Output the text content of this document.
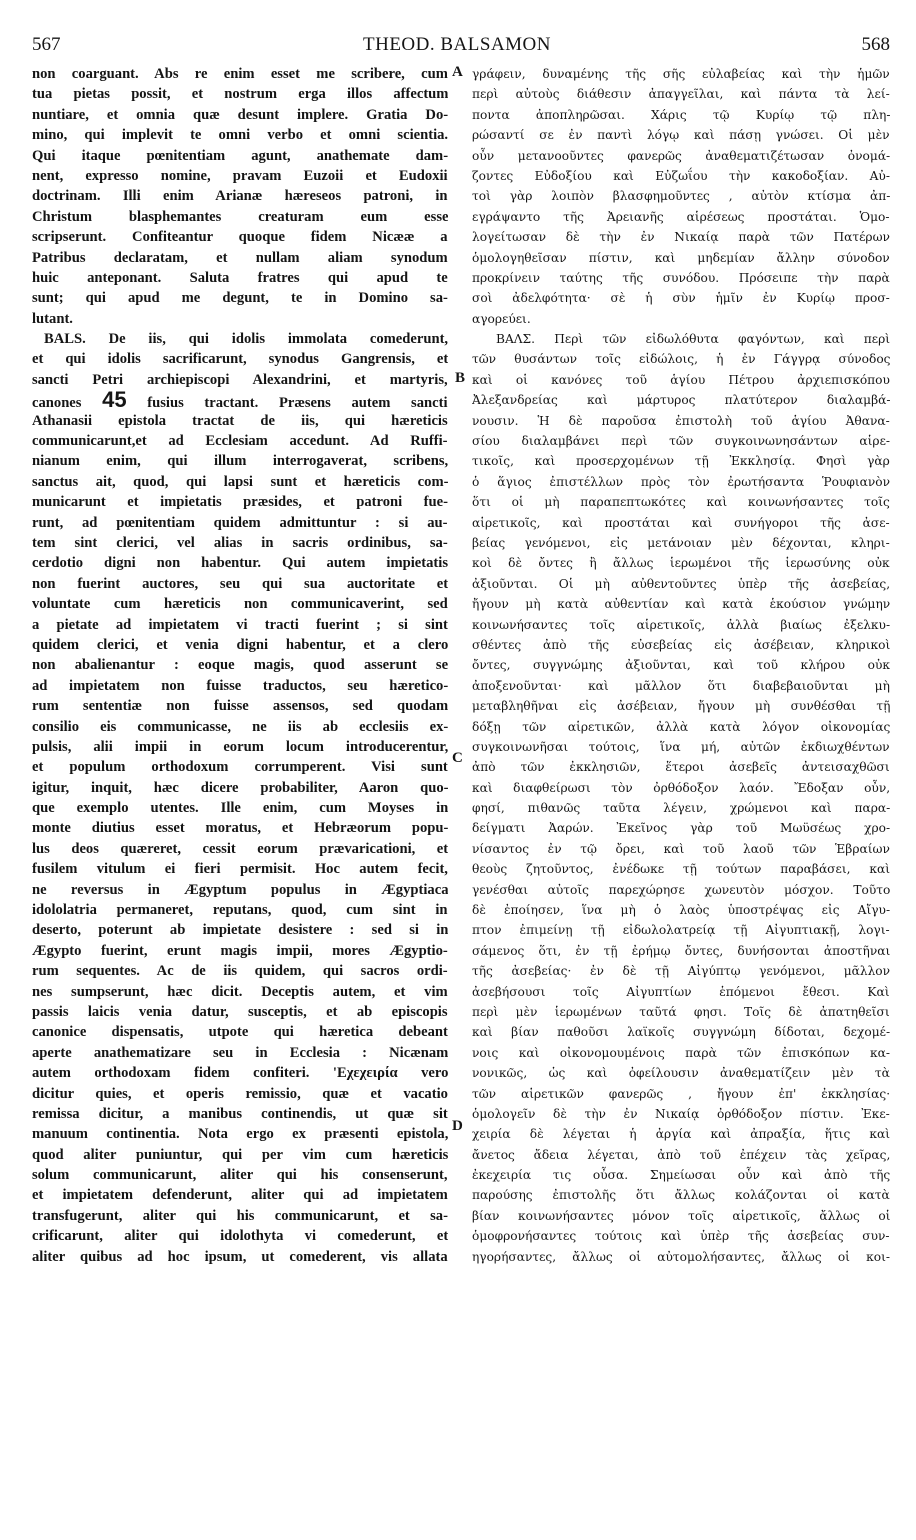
567	THEOD. BALSAMON	568
A
B
C
D
non coarguant. Abs re enim esset me scribere, cum
tua pietas possit, et nostrum erga illos affectum
nuntiare, et omnia quæ desunt implere. Gratia Do-
mino, qui implevit te omni verbo et omni scientia.
Qui itaque pœnitentiam agunt, anathemate dam-
nent, expresso nomine, pravam Euzoii et Eudoxii
doctrinam. Illi enim Arianæ hæreseos patroni, in
Christum blasphemantes creaturam eum esse
scripserunt. Confiteantur quoque fidem Nicææ a
Patribus declaratam, et nullam aliam synodum
huic anteponant. Saluta fratres qui apud te
sunt; qui apud me degunt, te in Domino sa-
lutant.
BALS. De iis, qui idolis immolata comederunt,
et qui idolis sacrificarunt, synodus Gangrensis, et
sancti Petri archiepiscopi Alexandrini, et martyris,
canones 45 fusius tractant. Præsens autem sancti
Athanasii epistola tractat de iis, qui hæreticis
communicarunt,et ad Ecclesiam accedunt. Ad Ruffi-
nianum enim, qui illum interrogaverat, scribens,
sanctus ait, quod, qui lapsi sunt et hæreticis com-
municarunt et impietatis præsides, et patroni fue-
runt, ad pœnitentiam quidem admittuntur : si au-
tem sint clerici, vel alias in sacris ordinibus, sa-
cerdotio digni non habentur. Qui autem impietatis
non fuerint auctores, seu qui sua auctoritate et
voluntate cum hæreticis non communicaverint, sed
a pietate ad impietatem vi tracti fuerint ; si sint
quidem clerici, et venia digni habentur, et a clero
non abalienantur : eoque magis, quod asserunt se
ad impietatem non fuisse traductos, seu hæretico-
rum sententiæ non fuisse assensos, sed quodam
consilio eis communicasse, ne iis ab ecclesiis ex-
pulsis, alii impii in eorum locum introducerentur,
et populum orthodoxum corrumperent. Visi sunt
igitur, inquit, hæc dicere probabiliter, Aaron quo-
que exemplo utentes. Ille enim, cum Moyses in
monte diutius esset moratus, et Hebræorum popu-
lus deos quæreret, cessit eorum prævaricationi, et
fusilem vitulum ei fieri permisit. Hoc autem fecit,
ne reversus in Ægyptum populus in Ægyptiaca
idololatria permaneret, reputans, quod, cum sint in
deserto, poterunt ab impietate desistere : sed si in
Ægypto fuerint, erunt magis impii, mores Ægyptio-
rum sequentes. Ac de iis quidem, qui sacros ordi-
nes sumpserunt, hæc dicit. Deceptis autem, et vim
passis laicis venia datur, susceptis, et ab episcopis
canonice dispensatis, utpote qui hæretica debeant
aperte anathematizare seu in Ecclesia : Nicænam
autem orthodoxam fidem confiteri. 'Εχεχειρία vero
dicitur quies, et operis remissio, quæ et vacatio
remissa dicitur, a manibus continendis, ut quæ sit
manuum continentia. Nota ergo ex præsenti epistola,
quod aliter puniuntur, qui per vim cum hæreticis
solum communicarunt, aliter qui his consenserunt,
et impietatem defenderunt, aliter qui ad impietatem
transfugerunt, aliter qui his communicarunt, et sa-
crificarunt, aliter qui idolothyta vi comederunt, et
aliter quibus ad hoc ipsum, ut comederent, vis allata
γράφειν, δυναμένης τῆς σῆς εὐλαβείας καὶ τὴν ἡμῶν
περὶ αὐτοὺς διάθεσιν ἀπαγγεῖλαι, καὶ πάντα τὰ λεί-
ποντα ἀποπληρῶσαι. Χάρις τῷ Κυρίῳ τῷ πλη-
ρώσαντί σε ἐν παντὶ λόγῳ καὶ πάσῃ γνώσει. Οἱ μὲν
οὖν μετανοοῦντες φανερῶς ἀναθεματιζέτωσαν ὀνομά-
ζοντες Εὐδοξίου καὶ Εὐζωΐου τὴν κακοδοξίαν. Αὐ-
τοὶ γὰρ λοιπὸν βλασφημοῦντες , αὐτὸν κτίσμα ἀπ-
εγράψαντο τῆς Ἀρειανῆς αἱρέσεως προστάται. Ὁμο-
λογείτωσαν δὲ τὴν ἐν Νικαίᾳ παρὰ τῶν Πατέρων
ὁμολογηθεῖσαν πίστιν, καὶ μηδεμίαν ἄλλην σύνοδον
προκρίνειν ταύτης τῆς συνόδου. Πρόσειπε τὴν παρὰ
σοὶ ἀδελφότητα· σὲ ἡ σὺν ἡμῖν ἐν Κυρίῳ προσ-
αγορεύει.
ΒΑΛΣ. Περὶ τῶν εἰδωλόθυτα φαγόντων, καὶ περὶ
τῶν θυσάντων τοῖς εἰδώλοις, ἡ ἐν Γάγγρᾳ σύνοδος
καὶ οἱ κανόνες τοῦ ἁγίου Πέτρου ἀρχιεπισκόπου
Ἀλεξανδρείας καὶ μάρτυρος πλατύτερον διαλαμβά-
νουσιν. Ἡ δὲ παροῦσα ἐπιστολὴ τοῦ ἁγίου Ἀθανα-
σίου διαλαμβάνει περὶ τῶν συγκοινωνησάντων αἱρε-
τικοῖς, καὶ προσερχομένων τῇ Ἐκκλησίᾳ. Φησὶ γὰρ
ὁ ἅγιος ἐπιστέλλων πρὸς τὸν ἐρωτήσαντα Ῥουφιανὸν
ὅτι οἱ μὴ παραπεπτωκότες καὶ κοινωνήσαντες τοῖς
αἱρετικοῖς, καὶ προστάται καὶ συνήγοροι τῆς ἀσε-
βείας γενόμενοι, εἰς μετάνοιαν μὲν δέχονται, κληρι-
κοὶ δὲ ὄντες ἢ ἄλλως ἱερωμένοι τῆς ἱερωσύνης οὐκ
ἀξιοῦνται. Οἱ μὴ αὐθεντοῦντες ὑπὲρ τῆς ἀσεβείας,
ἤγουν μὴ κατὰ αὐθεντίαν καὶ κατὰ ἑκούσιον γνώμην
κοινωνήσαντες τοῖς αἱρετικοῖς, ἀλλὰ βιαίως ἐξελκυ-
σθέντες ἀπὸ τῆς εὐσεβείας εἰς ἀσέβειαν, κληρικοὶ
ὄντες, συγγνώμης ἀξιοῦνται, καὶ τοῦ κλήρου οὐκ
ἀποξενοῦνται· καὶ μᾶλλον ὅτι διαβεβαιοῦνται μὴ
μεταβληθῆναι εἰς ἀσέβειαν, ἤγουν μὴ συνθέσθαι τῇ
δόξῃ τῶν αἱρετικῶν, ἀλλὰ κατὰ λόγον οἰκονομίας
συγκοινωνῆσαι τούτοις, ἵνα μή, αὐτῶν ἐκδιωχθέντων
ἀπὸ τῶν ἐκκλησιῶν, ἕτεροι ἀσεβεῖς ἀντεισαχθῶσι
καὶ διαφθείρωσι τὸν ὀρθόδοξον λαόν. Ἔδοξαν οὖν,
φησί, πιθανῶς ταῦτα λέγειν, χρώμενοι καὶ παρα-
δείγματι Ἀαρών. Ἐκεῖνος γὰρ τοῦ Μωϋσέως χρο-
νίσαντος ἐν τῷ ὄρει, καὶ τοῦ λαοῦ τῶν Ἑβραίων
θεοὺς ζητοῦντος, ἐνέδωκε τῇ τούτων παραβάσει, καὶ
γενέσθαι αὐτοῖς παρεχώρησε χωνευτὸν μόσχον. Τοῦτο
δὲ ἐποίησεν, ἵνα μὴ ὁ λαὸς ὑποστρέψας εἰς Αἴγυ-
πτον ἐπιμείνῃ τῇ εἰδωλολατρείᾳ τῇ Αἰγυπτιακῇ, λογι-
σάμενος ὅτι, ἐν τῇ ἐρήμῳ ὄντες, δυνήσονται ἀποστῆναι
τῆς ἀσεβείας· ἐν δὲ τῇ Αἰγύπτῳ γενόμενοι, μᾶλλον
ἀσεβήσουσι τοῖς Αἰγυπτίων ἑπόμενοι ἔθεσι. Καὶ
περὶ μὲν ἱερωμένων ταῦτά φησι. Τοῖς δὲ ἀπατηθεῖσι
καὶ βίαν παθοῦσι λαϊκοῖς συγγνώμη δίδοται, δεχομέ-
νοις καὶ οἰκονομουμένοις παρὰ τῶν ἐπισκόπων κα-
νονικῶς, ὡς καὶ ὀφείλουσιν ἀναθεματίζειν μὲν τὰ
τῶν αἱρετικῶν φανερῶς , ἤγουν ἐπ' ἐκκλησίας·
ὁμολογεῖν δὲ τὴν ἐν Νικαίᾳ ὀρθόδοξον πίστιν. Ἐκε-
χειρία δὲ λέγεται ἡ ἀργία καὶ ἀπραξία, ἥτις καὶ
ἄνετος ἄδεια λέγεται, ἀπὸ τοῦ ἐπέχειν τὰς χεῖρας,
ἐκεχειρία τις οὖσα. Σημείωσαι οὖν καὶ ἀπὸ τῆς
παρούσης ἐπιστολῆς ὅτι ἄλλως κολάζονται οἱ κατὰ
βίαν κοινωνήσαντες μόνον τοῖς αἱρετικοῖς, ἄλλως οἱ
ὁμοφρονήσαντες τούτοις καὶ ὑπὲρ τῆς ἀσεβείας συν-
ηγορήσαντες, ἄλλως οἱ αὐτομολήσαντες, ἄλλως οἱ κοι-
